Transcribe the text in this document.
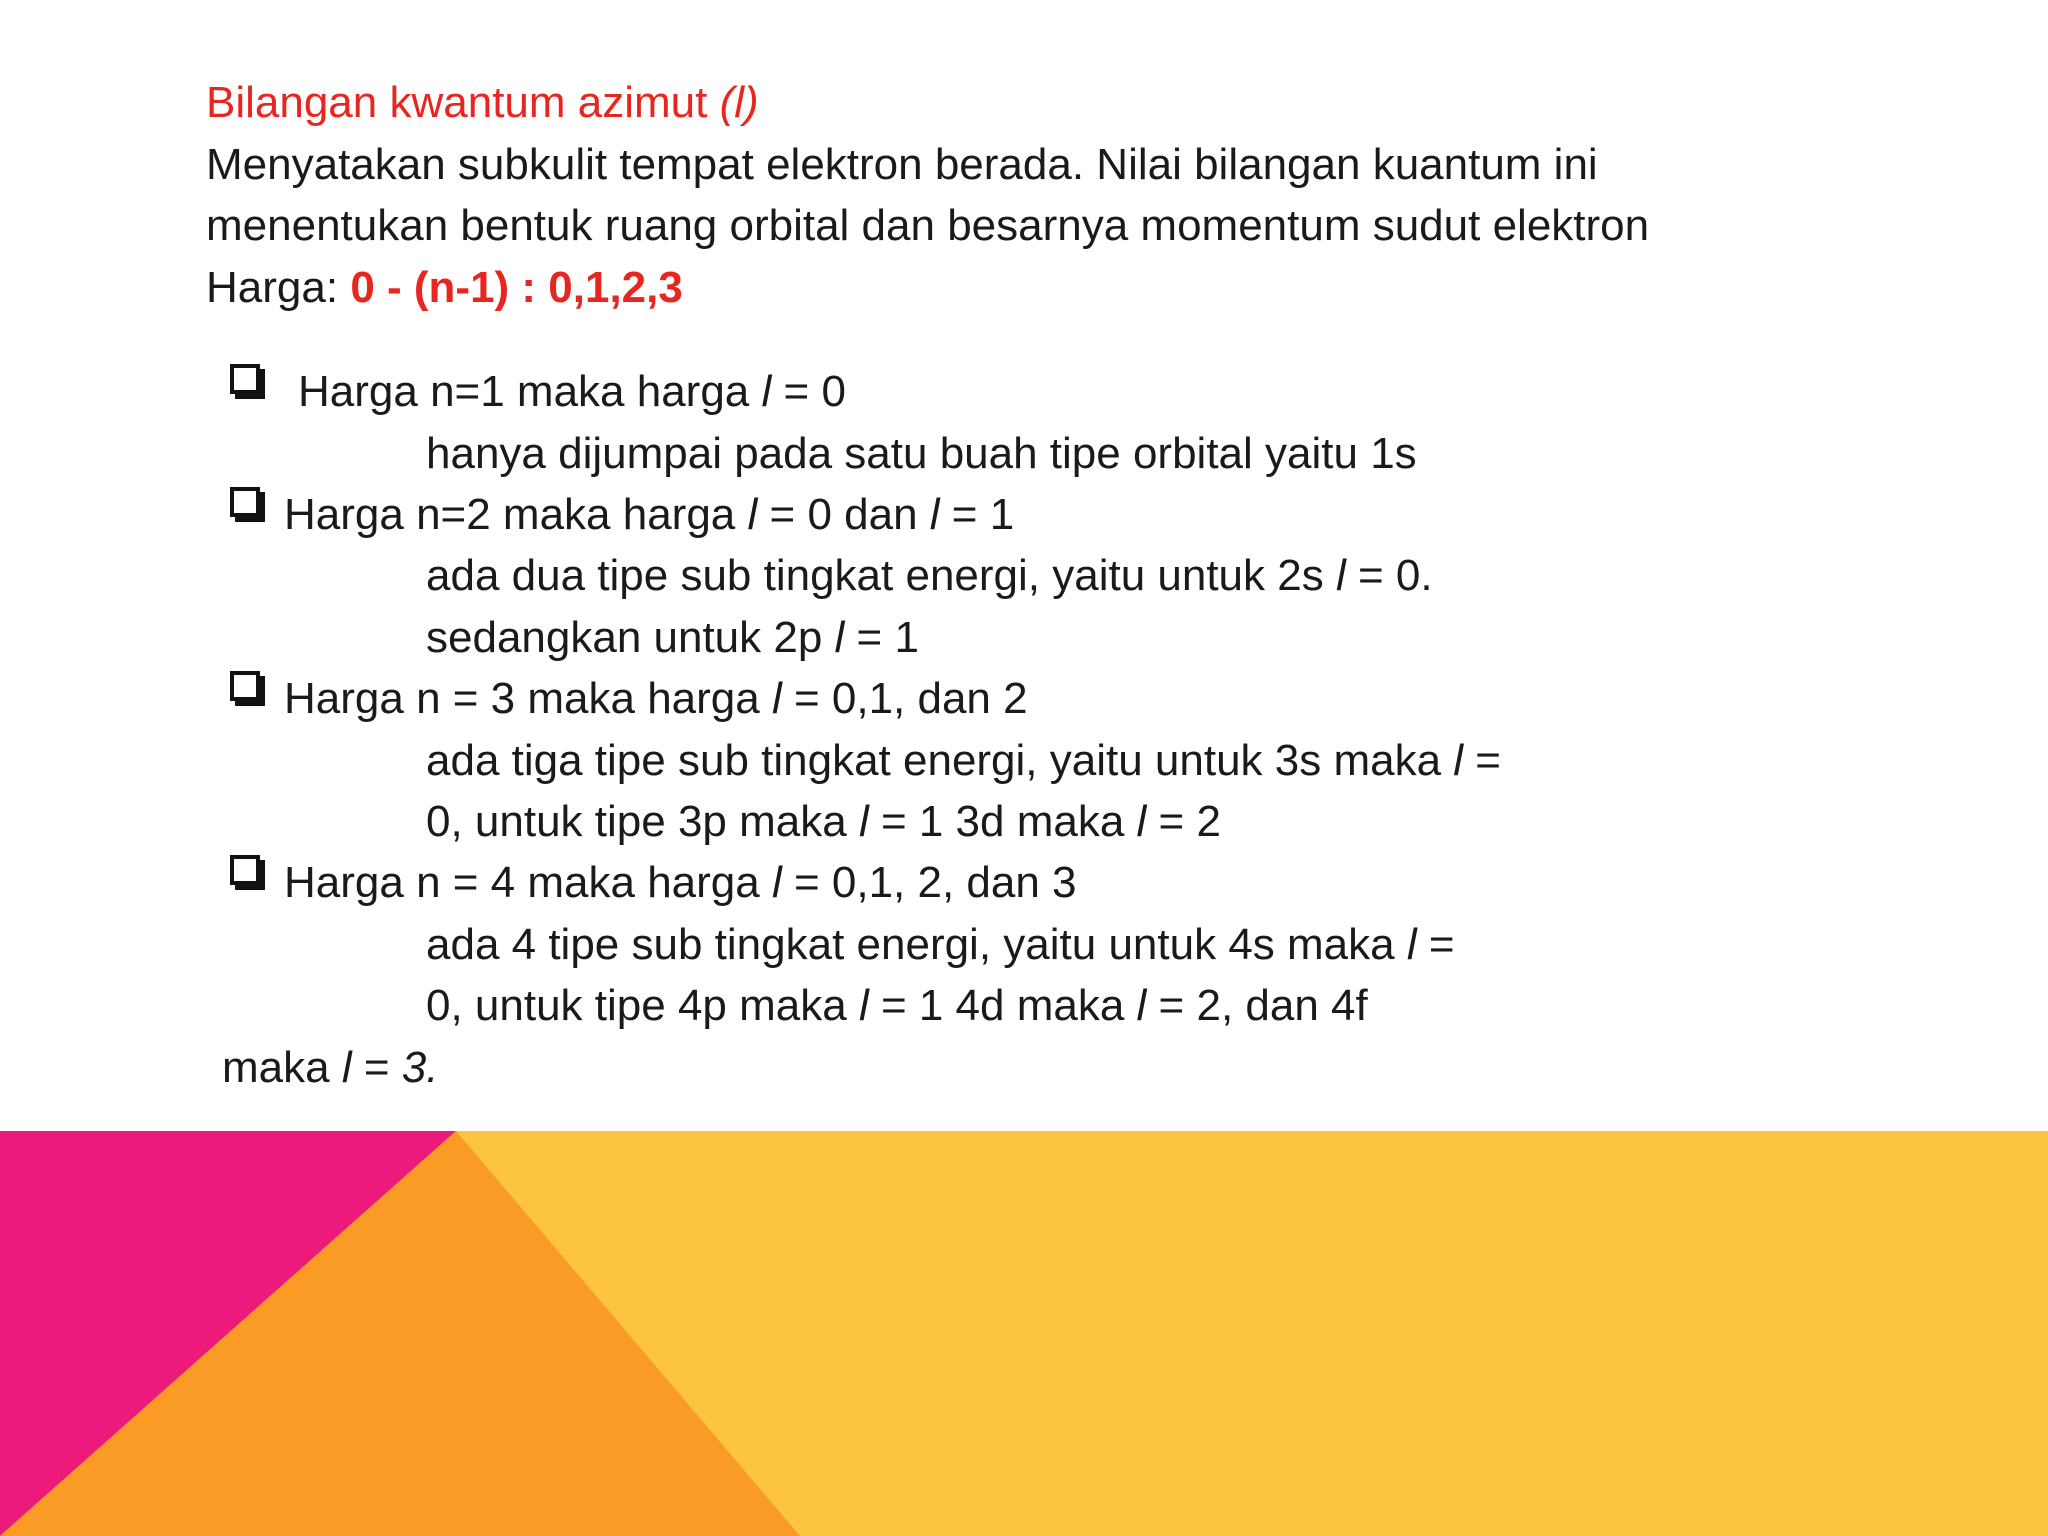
Bilangan kwantum azimut (l)
Menyatakan subkulit tempat elektron berada. Nilai bilangan kuantum ini
menentukan bentuk ruang orbital dan besarnya momentum sudut elektron
Harga: 0 - (n-1) : 0,1,2,3
Harga n=1 maka harga l = 0
hanya dijumpai pada satu buah tipe orbital yaitu 1s
Harga n=2 maka harga l = 0 dan l = 1
ada dua tipe sub tingkat energi, yaitu untuk 2s l = 0.
sedangkan untuk 2p l = 1
Harga n = 3 maka harga l = 0,1, dan 2
ada tiga tipe sub tingkat energi, yaitu untuk 3s maka l =
0, untuk tipe 3p maka l = 1 3d maka l = 2
Harga n = 4 maka harga l = 0,1, 2, dan 3
ada 4 tipe sub tingkat energi, yaitu untuk 4s maka l =
0, untuk tipe 4p maka l = 1 4d maka l = 2, dan 4f
maka l = 3.
